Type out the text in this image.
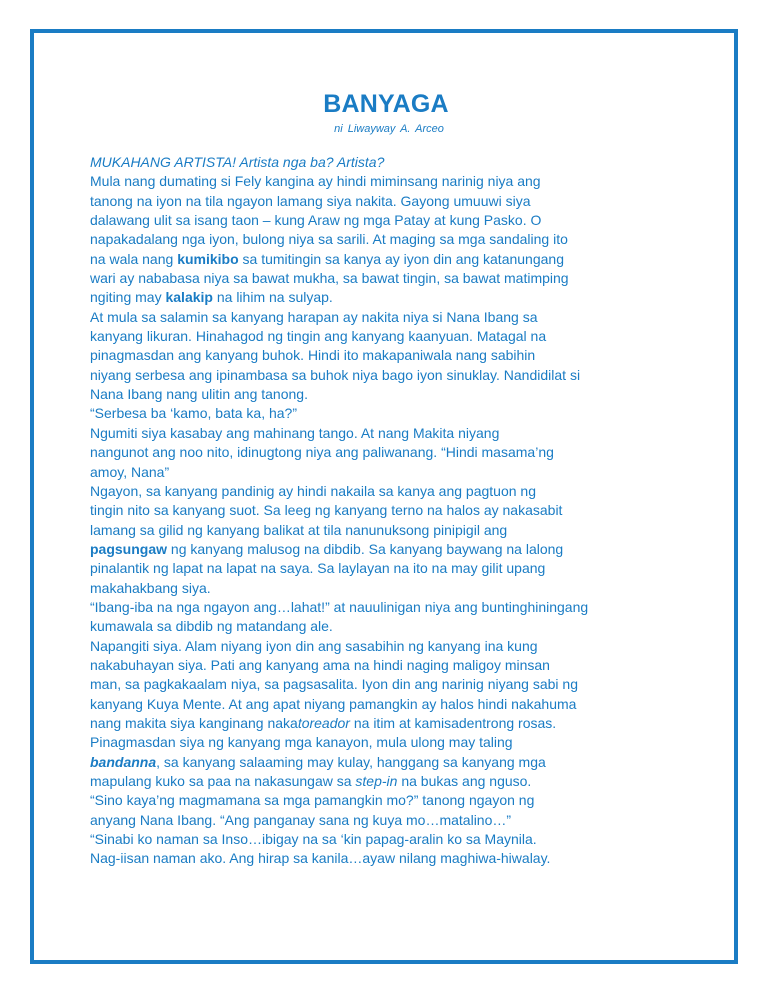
BANYAGA
ni Liwayway A. Arceo
MUKAHANG ARTISTA! Artista nga ba? Artista?
Mula nang dumating si Fely kangina ay hindi miminsang narinig niya ang
tanong na iyon na tila ngayon lamang siya nakita. Gayong umuuwi siya
dalawang ulit sa isang taon – kung Araw ng mga Patay at kung Pasko. O
napakadalang nga iyon, bulong niya sa sarili. At maging sa mga sandaling ito
na wala nang kumikibo sa tumitingin sa kanya ay iyon din ang katanungang
wari ay nababasa niya sa bawat mukha, sa bawat tingin, sa bawat matimping
ngiting may kalakip na lihim na sulyap.
At mula sa salamin sa kanyang harapan ay nakita niya si Nana Ibang sa
kanyang likuran. Hinahagod ng tingin ang kanyang kaanyuan. Matagal na
pinagmasdan ang kanyang buhok. Hindi ito makapaniwala nang sabihin
niyang serbesa ang ipinambasa sa buhok niya bago iyon sinuklay. Nandidilat si
Nana Ibang nang ulitin ang tanong.
“Serbesa ba ‘kamo, bata ka, ha?”
Ngumiti siya kasabay ang mahinang tango. At nang Makita niyang
nangunot ang noo nito, idinugtong niya ang paliwanang. “Hindi masama’ng
amoy, Nana”
Ngayon, sa kanyang pandinig ay hindi nakaila sa kanya ang pagtuon ng
tingin nito sa kanyang suot. Sa leeg ng kanyang terno na halos ay nakasabit
lamang sa gilid ng kanyang balikat at tila nanunuksong pinipigil ang
pagsungaw ng kanyang malusog na dibdib. Sa kanyang baywang na lalong
pinalantik ng lapat na lapat na saya. Sa laylayan na ito na may gilit upang
makahakbang siya.
“Ibang-iba na nga ngayon ang…lahat!” at nauulinigan niya ang buntinghiningang
kumawala sa dibdib ng matandang ale.
Napangiti siya. Alam niyang iyon din ang sasabihin ng kanyang ina kung
nakabuhayan siya. Pati ang kanyang ama na hindi naging maligoy minsan
man, sa pagkakaalam niya, sa pagsasalita. Iyon din ang narinig niyang sabi ng
kanyang Kuya Mente. At ang apat niyang pamangkin ay halos hindi nakahuma
nang makita siya kanginang nakatoreador na itim at kamisadentrong rosas.
Pinagmasdan siya ng kanyang mga kanayon, mula ulong may taling
bandanna, sa kanyang salaaming may kulay, hanggang sa kanyang mga
mapulang kuko sa paa na nakasungaw sa step-in na bukas ang nguso.
“Sino kaya’ng magmamana sa mga pamangkin mo?” tanong ngayon ng
anyang Nana Ibang. “Ang panganay sana ng kuya mo…matalino…”
“Sinabi ko naman sa Inso…ibigay na sa ‘kin papag-aralin ko sa Maynila.
Nag-iisan naman ako. Ang hirap sa kanila…ayaw nilang maghiwa-hiwalay.
